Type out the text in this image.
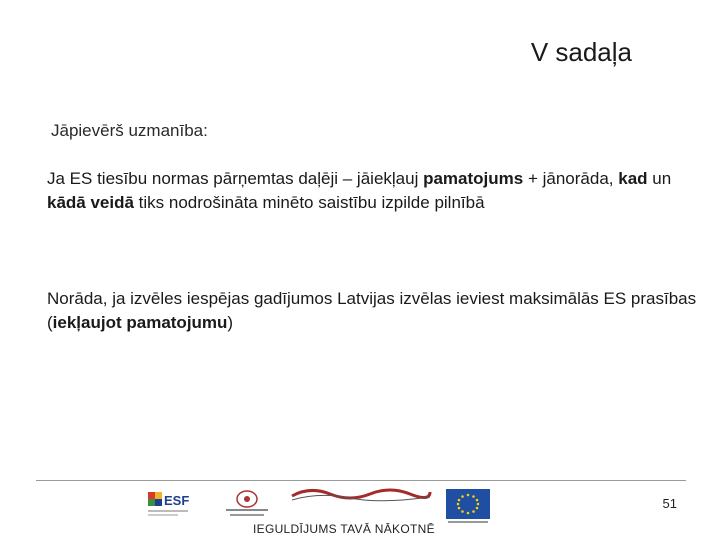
V sadaļa
Jāpievērš uzmanība:
Ja ES tiesību normas pārņemtas daļēji – jāiekļauj pamatojums + jānorāda, kad un kādā veidā tiks nodrošināta minēto saistību izpilde pilnībā
Norāda, ja izvēles iespējas gadījumos Latvijas izvēlas ieviest maksimālās ES prasības (iekļaujot pamatojumu)
ESF	51
IEGULDĪJUMS TAVĀ NĀKOTNĒ
